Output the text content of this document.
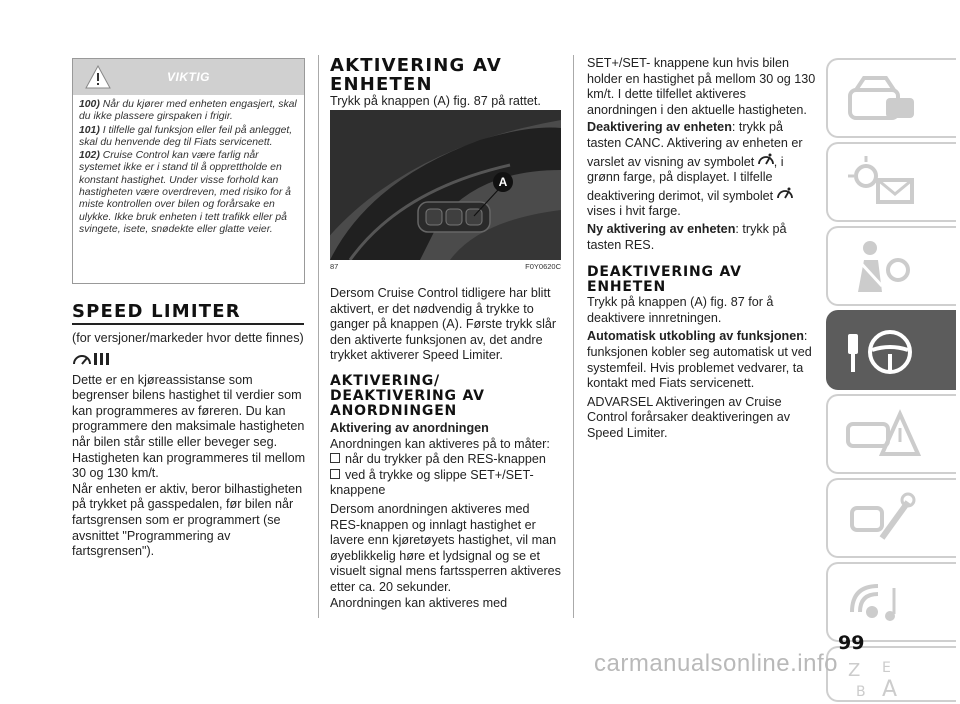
VIKTIG

100) Når du kjører med enheten engasjert, skal du ikke plassere girspaken i frigir.

101) I tilfelle gal funksjon eller feil på anlegget, skal du henvende deg til Fiats servicenett.

102) Cruise Control kan være farlig når systemet ikke er i stand til å opprettholde en konstant hastighet. Under visse forhold kan hastigheten være overdreven, med risiko for å miste kontrollen over bilen og forårsake en ulykke. Ikke bruk enheten i tett trafikk eller på svingete, isete, snødekte eller glatte veier.

SPEED LIMITER

(for versjoner/markeder hvor dette finnes)

Dette er en kjøreassistanse som begrenser bilens hastighet til verdier som kan programmeres av føreren. Du kan programmere den maksimale hastigheten når bilen står stille eller beveger seg. Hastigheten kan programmeres til mellom 30 og 130 km/t.

Når enheten er aktiv, beror bilhastigheten på trykket på gasspedalen, før bilen når fartsgrensen som er programmert (se avsnittet "Programmering av fartsgrensen").

AKTIVERING AV ENHETEN

Trykk på knappen (A) fig. 87 på rattet.

A
87	F0Y0620C

Dersom Cruise Control tidligere har blitt aktivert, er det nødvendig å trykke to ganger på knappen (A). Første trykk slår den aktiverte funksjonen av, det andre trykket aktiverer Speed Limiter.

AKTIVERING/ DEAKTIVERING AV ANORDNINGEN

Aktivering av anordningen

Anordningen kan aktiveres på to måter:

når du trykker på den RES-knappen

ved å trykke og slippe SET+/SET- knappene

Dersom anordningen aktiveres med RES-knappen og innlagt hastighet er lavere enn kjøretøyets hastighet, vil man øyeblikkelig høre et lydsignal og se et visuelt signal mens fartssperren aktiveres etter ca. 20 sekunder.

Anordningen kan aktiveres med

SET+/SET- knappene kun hvis bilen holder en hastighet på mellom 30 og 130 km/t. I dette tilfellet aktiveres anordningen i den aktuelle hastigheten.

Deaktivering av enheten: trykk på tasten CANC. Aktivering av enheten er varslet av visning av symbolet , i grønn farge, på displayet. I tilfelle deaktivering derimot, vil symbolet  vises i hvit farge.

Ny aktivering av enheten: trykk på tasten RES.

DEAKTIVERING AV ENHETEN

Trykk på knappen (A) fig. 87 for å deaktivere innretningen.

Automatisk utkobling av funksjonen: funksjonen kobler seg automatisk ut ved systemfeil. Hvis problemet vedvarer, ta kontakt med Fiats servicenett.

ADVARSEL Aktiveringen av Cruise Control forårsaker deaktiveringen av Speed Limiter.

Z E
B A
99
carmanualsonline.info
